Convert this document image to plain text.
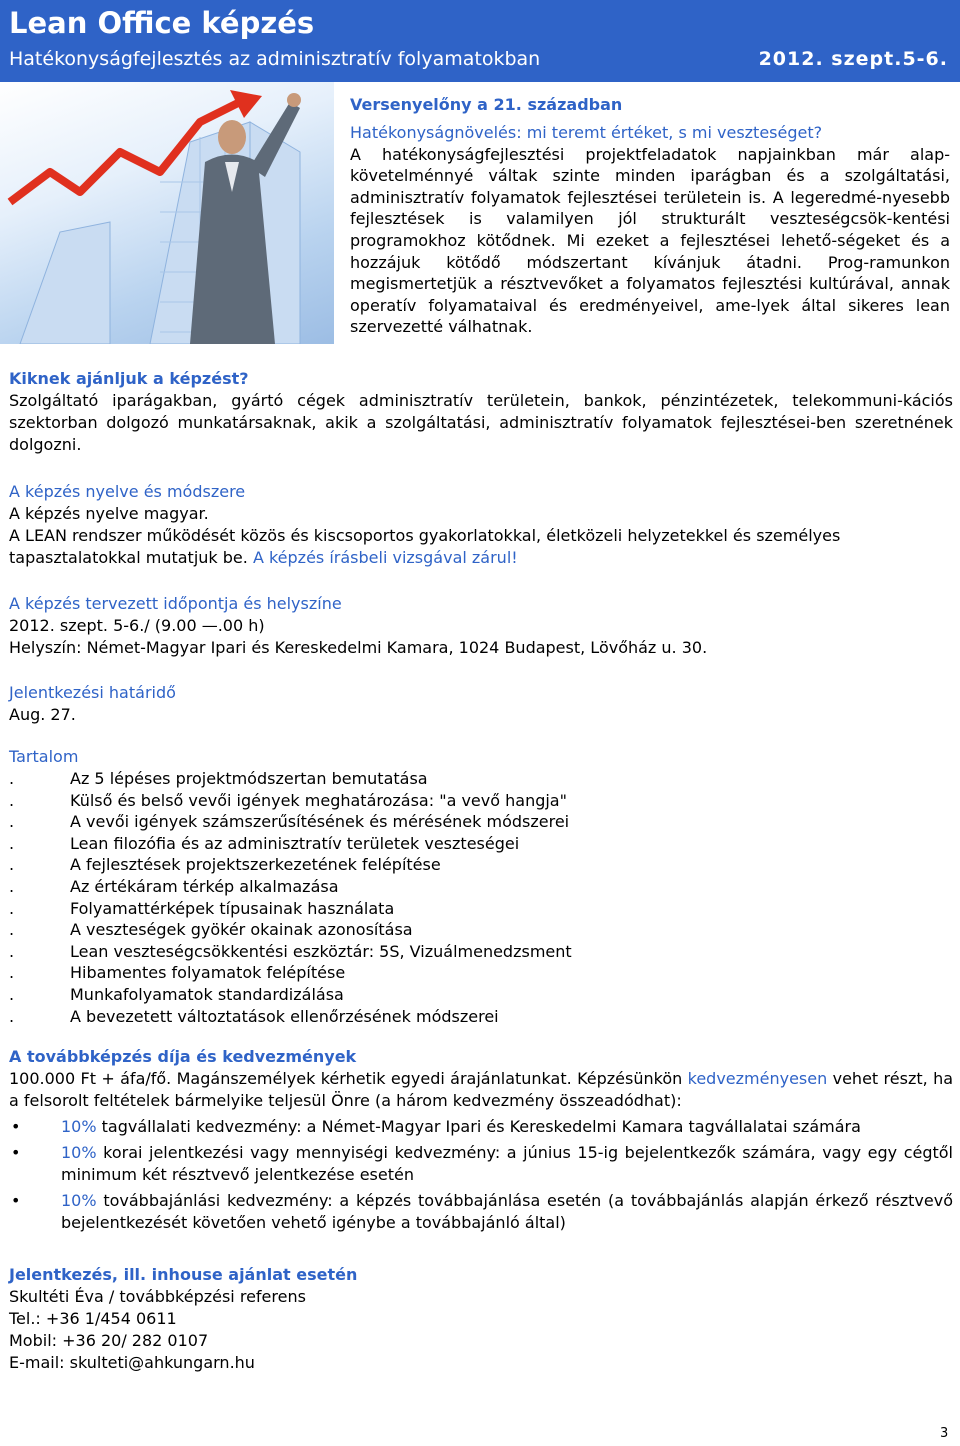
Lean Office képzés
Hatékonyságfejlesztés az adminisztratív folyamatokban	2012. szept.5-6.
Versenyelőny a 21. században
Hatékonyságnövelés: mi teremt értéket, s mi veszteséget?

A hatékonyságfejlesztési projektfeladatok napjainkban már alap-követelménnyé váltak szinte minden iparágban és a szolgáltatási, adminisztratív folyamatok fejlesztései területein is. A legeredmé-nyesebb fejlesztések is valamilyen jól strukturált veszteségcsök-kentési programokhoz kötődnek. Mi ezeket a fejlesztései lehető-ségeket és a hozzájuk kötődő módszertant kívánjuk átadni. Prog-ramunkon megismertetjük a résztvevőket a folyamatos fejlesztési kultúrával, annak operatív folyamataival és eredményeivel, ame-lyek által sikeres lean szervezetté válhatnak.

Kiknek ajánljuk a képzést?

Szolgáltató iparágakban, gyártó cégek adminisztratív területein, bankok, pénzintézetek, telekommuni-kációs szektorban dolgozó munkatársaknak, akik a szolgáltatási, adminisztratív folyamatok fejlesztései-ben szeretnének dolgozni.

A képzés nyelve és módszere
A képzés nyelve magyar.

A LEAN rendszer működését közös és kiscsoportos gyakorlatokkal, életközeli helyzetekkel és személyes tapasztalatokkal mutatjuk be. A képzés írásbeli vizsgával zárul!

A képzés tervezett időpontja és helyszíne
2012. szept. 5-6./ (9.00 —.00 h)
Helyszín: Német-Magyar Ipari és Kereskedelmi Kamara, 1024 Budapest, Lövőház u. 30.
Jelentkezési határidő
Aug. 27.
Tartalom
.	Az 5 lépéses projektmódszertan bemutatása
.	Külső és belső vevői igények meghatározása: "a vevő hangja"
.	A vevői igények számszerűsítésének és mérésének módszerei
.	Lean filozófia és az adminisztratív területek veszteségei
.	A fejlesztések projektszerkezetének felépítése
.	Az értékáram térkép alkalmazása
.	Folyamattérképek típusainak használata
.	A veszteségek gyökér okainak azonosítása
.	Lean veszteségcsökkentési eszköztár: 5S, Vizuálmenedzsment
.	Hibamentes folyamatok felépítése
.	Munkafolyamatok standardizálása
.	A bevezetett változtatások ellenőrzésének módszerei
A továbbképzés díja és kedvezmények

100.000 Ft + áfa/fő. Magánszemélyek kérhetik egyedi árajánlatunkat. Képzésünkön kedvezményesen vehet részt, ha a felsorolt feltételek bármelyike teljesül Önre (a három kedvezmény összeadódhat):

•	10% tagvállalati kedvezmény: a Német-Magyar Ipari és Kereskedelmi Kamara tagvállalatai számára
•	10% korai jelentkezési vagy mennyiségi kedvezmény: a június 15-ig bejelentkezők számára, vagy egy cégtől minimum két résztvevő jelentkezése esetén
•	10% továbbajánlási kedvezmény: a képzés továbbajánlása esetén (a továbbajánlás alapján érkező résztvevő bejelentkezését követően vehető igénybe a továbbajánló által)
Jelentkezés, ill. inhouse ajánlat esetén
Skultéti Éva / továbbképzési referens
Tel.: +36 1/454 0611
Mobil: +36 20/ 282 0107
E-mail: skulteti@ahkungarn.hu
3
